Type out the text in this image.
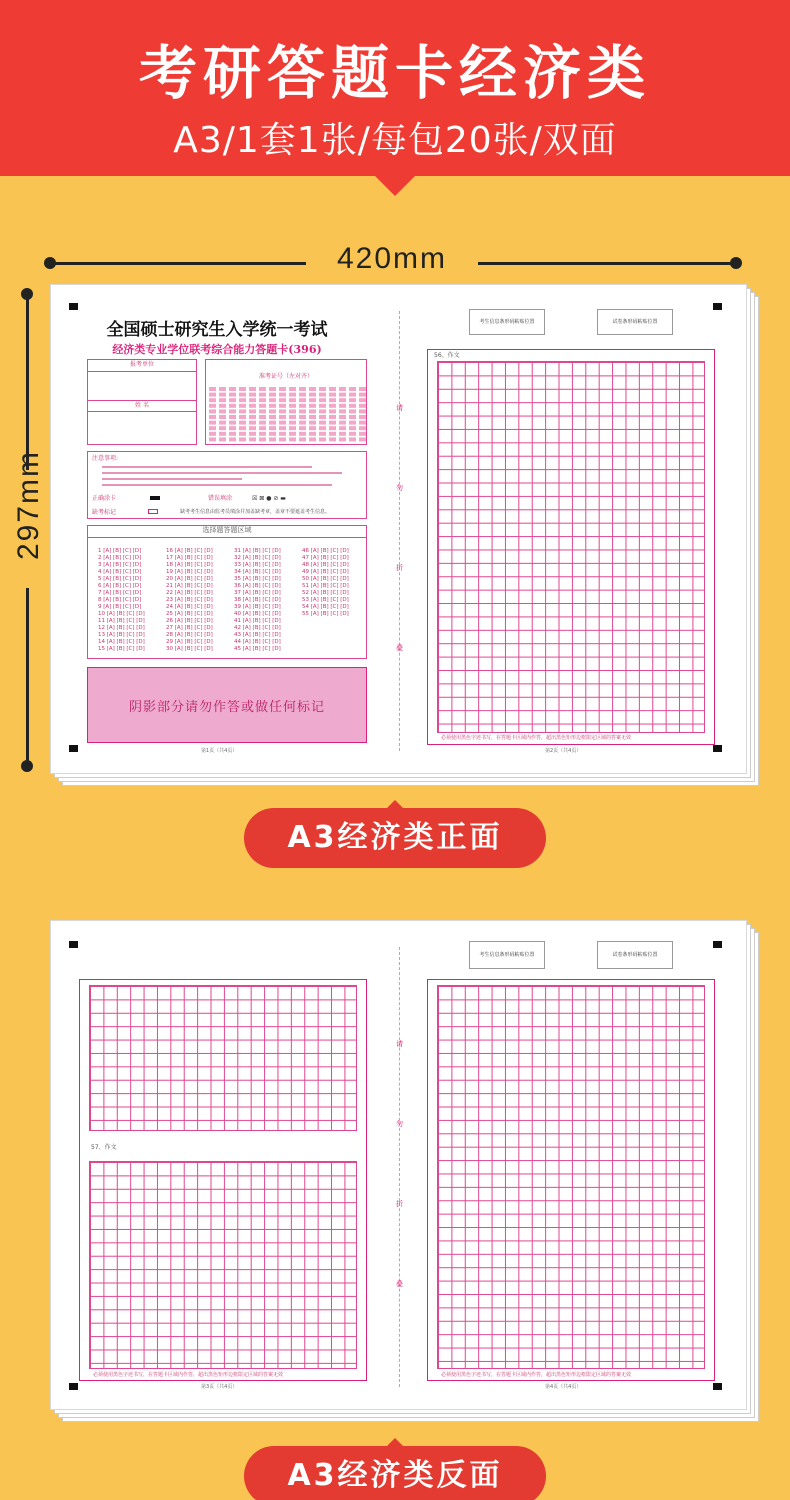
考研答题卡经济类
A3/1套1张/每包20张/双面
420mm
297mm
全国硕士研究生入学统一考试
经济类专业学位联考综合能力答题卡(396)
报考单位
姓 名
准考证号（左对齐）
注意事项:
正确涂卡	错误填涂	☒ ⊠ ● ⊘ ▬
缺考标记	缺考考生信息由监考员填涂并加盖缺考章，盖章不要遮盖考生信息。
选择题答题区域
1 [A] [B] [C] [D]
2 [A] [B] [C] [D]
3 [A] [B] [C] [D]
4 [A] [B] [C] [D]
5 [A] [B] [C] [D]
6 [A] [B] [C] [D]
7 [A] [B] [C] [D]
8 [A] [B] [C] [D]
9 [A] [B] [C] [D]
10 [A] [B] [C] [D]
11 [A] [B] [C] [D]
12 [A] [B] [C] [D]
13 [A] [B] [C] [D]
14 [A] [B] [C] [D]
15 [A] [B] [C] [D]
16 [A] [B] [C] [D]
17 [A] [B] [C] [D]
18 [A] [B] [C] [D]
19 [A] [B] [C] [D]
20 [A] [B] [C] [D]
21 [A] [B] [C] [D]
22 [A] [B] [C] [D]
23 [A] [B] [C] [D]
24 [A] [B] [C] [D]
25 [A] [B] [C] [D]
26 [A] [B] [C] [D]
27 [A] [B] [C] [D]
28 [A] [B] [C] [D]
29 [A] [B] [C] [D]
30 [A] [B] [C] [D]
31 [A] [B] [C] [D]
32 [A] [B] [C] [D]
33 [A] [B] [C] [D]
34 [A] [B] [C] [D]
35 [A] [B] [C] [D]
36 [A] [B] [C] [D]
37 [A] [B] [C] [D]
38 [A] [B] [C] [D]
39 [A] [B] [C] [D]
40 [A] [B] [C] [D]
41 [A] [B] [C] [D]
42 [A] [B] [C] [D]
43 [A] [B] [C] [D]
44 [A] [B] [C] [D]
45 [A] [B] [C] [D]
46 [A] [B] [C] [D]
47 [A] [B] [C] [D]
48 [A] [B] [C] [D]
49 [A] [B] [C] [D]
50 [A] [B] [C] [D]
51 [A] [B] [C] [D]
52 [A] [B] [C] [D]
53 [A] [B] [C] [D]
54 [A] [B] [C] [D]
55 [A] [B] [C] [D]
阴影部分请勿作答或做任何标记
第1页（共4页）
请
勿
折
叠
考生信息条形码粘贴位置	试卷条形码粘贴位置
56、作文
必须使用黑色字迹书写，在答题卡区域内作答，超出黑色矩形边框限定区域的答案无效
第2页（共4页）
A3经济类正面
57、作文
必须使用黑色字迹书写，在答题卡区域内作答，超出黑色矩形边框限定区域的答案无效
第3页（共4页）
请
勿
折
叠
考生信息条形码粘贴位置	试卷条形码粘贴位置
必须使用黑色字迹书写，在答题卡区域内作答，超出黑色矩形边框限定区域的答案无效
第4页（共4页）
A3经济类反面
